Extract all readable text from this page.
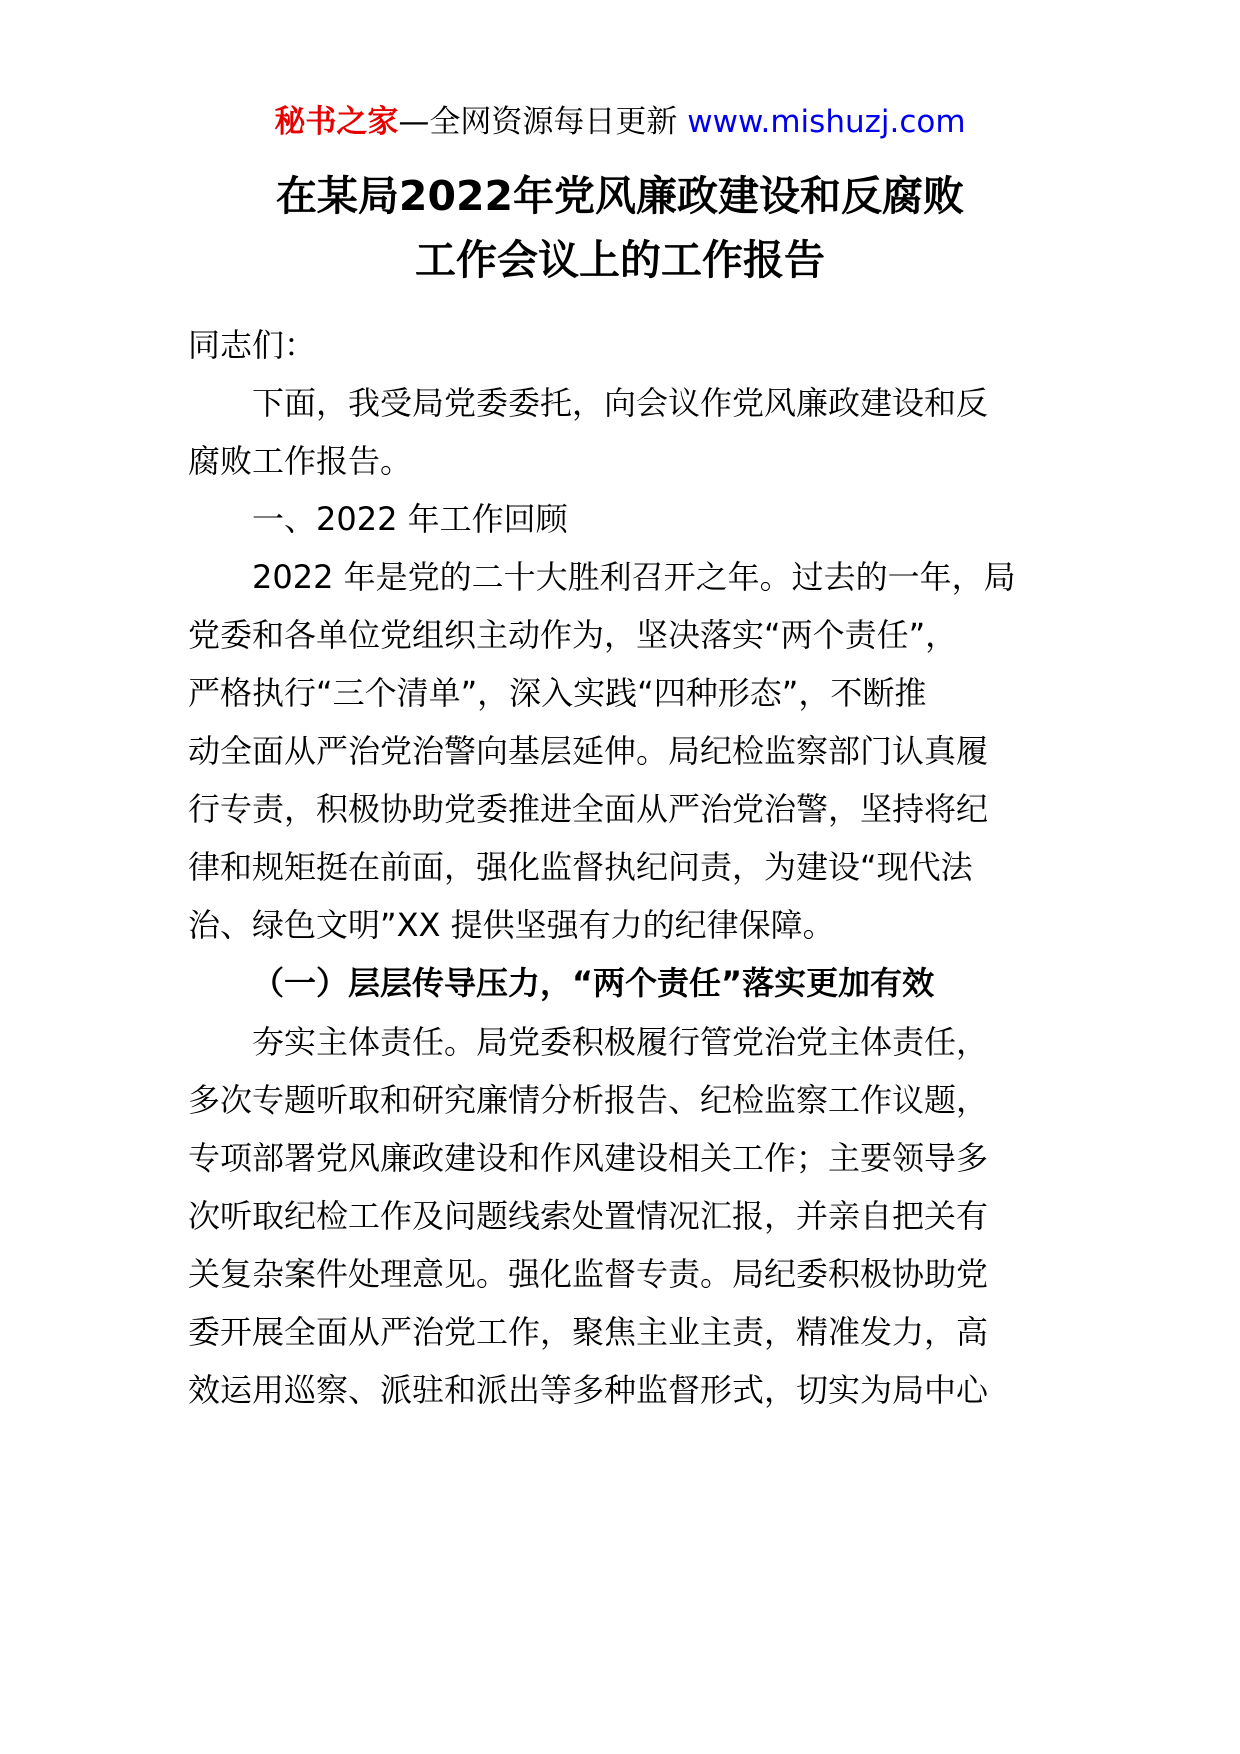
秘书之家—全网资源每日更新 www.mishuzj.com
在某局2022年党风廉政建设和反腐败
工作会议上的工作报告
同志们：
下面，我受局党委委托，向会议作党风廉政建设和反
腐败工作报告。
一、2022 年工作回顾
2022 年是党的二十大胜利召开之年。过去的一年，局
党委和各单位党组织主动作为，坚决落实“两个责任”，
严格执行“三个清单”，深入实践“四种形态”，不断推
动全面从严治党治警向基层延伸。局纪检监察部门认真履
行专责，积极协助党委推进全面从严治党治警，坚持将纪
律和规矩挺在前面，强化监督执纪问责，为建设“现代法
治、绿色文明”XX 提供坚强有力的纪律保障。
（一）层层传导压力，“两个责任”落实更加有效
夯实主体责任。局党委积极履行管党治党主体责任，
多次专题听取和研究廉情分析报告、纪检监察工作议题，
专项部署党风廉政建设和作风建设相关工作；主要领导多
次听取纪检工作及问题线索处置情况汇报，并亲自把关有
关复杂案件处理意见。强化监督专责。局纪委积极协助党
委开展全面从严治党工作，聚焦主业主责，精准发力，高
效运用巡察、派驻和派出等多种监督形式，切实为局中心
